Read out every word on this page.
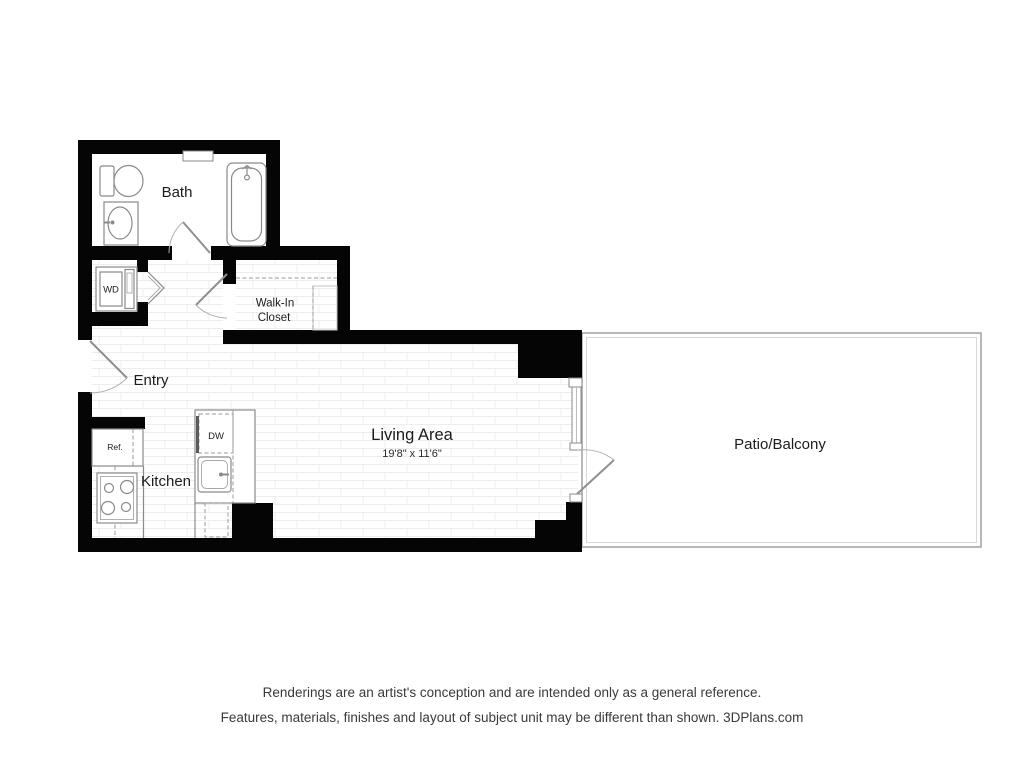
Bath
WD
Walk-In
Closet
Entry
Ref.
DW
Kitchen
Living Area
19'8" x 11'6"
Patio/Balcony
Renderings are an artist's conception and are intended only as a general reference.
Features, materials, finishes and layout of subject unit may be different than shown. 3DPlans.com
